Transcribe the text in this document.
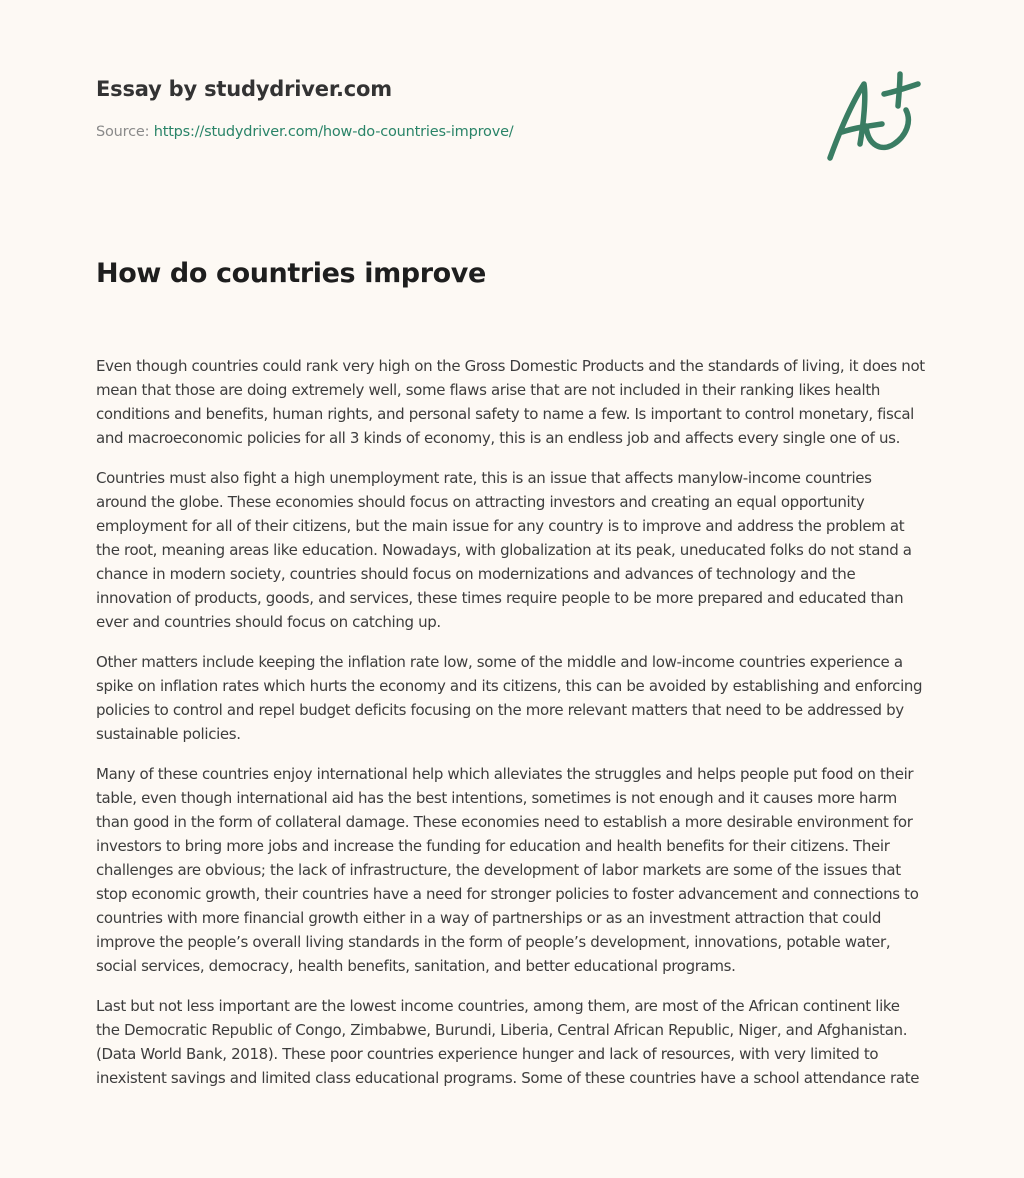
Essay by studydriver.com
Source: https://studydriver.com/how-do-countries-improve/
How do countries improve

Even though countries could rank very high on the Gross Domestic Products and the standards of living, it does not mean that those are doing extremely well, some flaws arise that are not included in their ranking likes health conditions and benefits, human rights, and personal safety to name a few. Is important to control monetary, fiscal and macroeconomic policies for all 3 kinds of economy, this is an endless job and affects every single one of us.

Countries must also fight a high unemployment rate, this is an issue that affects manylow-income countries around the globe. These economies should focus on attracting investors and creating an equal opportunity employment for all of their citizens, but the main issue for any country is to improve and address the problem at the root, meaning areas like education. Nowadays, with globalization at its peak, uneducated folks do not stand a chance in modern society, countries should focus on modernizations and advances of technology and the innovation of products, goods, and services, these times require people to be more prepared and educated than ever and countries should focus on catching up.

Other matters include keeping the inflation rate low, some of the middle and low-income countries experience a spike on inflation rates which hurts the economy and its citizens, this can be avoided by establishing and enforcing policies to control and repel budget deficits focusing on the more relevant matters that need to be addressed by sustainable policies.

Many of these countries enjoy international help which alleviates the struggles and helps people put food on their table, even though international aid has the best intentions, sometimes is not enough and it causes more harm than good in the form of collateral damage. These economies need to establish a more desirable environment for investors to bring more jobs and increase the funding for education and health benefits for their citizens. Their challenges are obvious; the lack of infrastructure, the development of labor markets are some of the issues that stop economic growth, their countries have a need for stronger policies to foster advancement and connections to countries with more financial growth either in a way of partnerships or as an investment attraction that could improve the people’s overall living standards in the form of people’s development, innovations, potable water, social services, democracy, health benefits, sanitation, and better educational programs.

Last but not less important are the lowest income countries, among them, are most of the African continent like the Democratic Republic of Congo, Zimbabwe, Burundi, Liberia, Central African Republic, Niger, and Afghanistan. (Data World Bank, 2018). These poor countries experience hunger and lack of resources, with very limited to inexistent savings and limited class educational programs. Some of these countries have a school attendance rate
